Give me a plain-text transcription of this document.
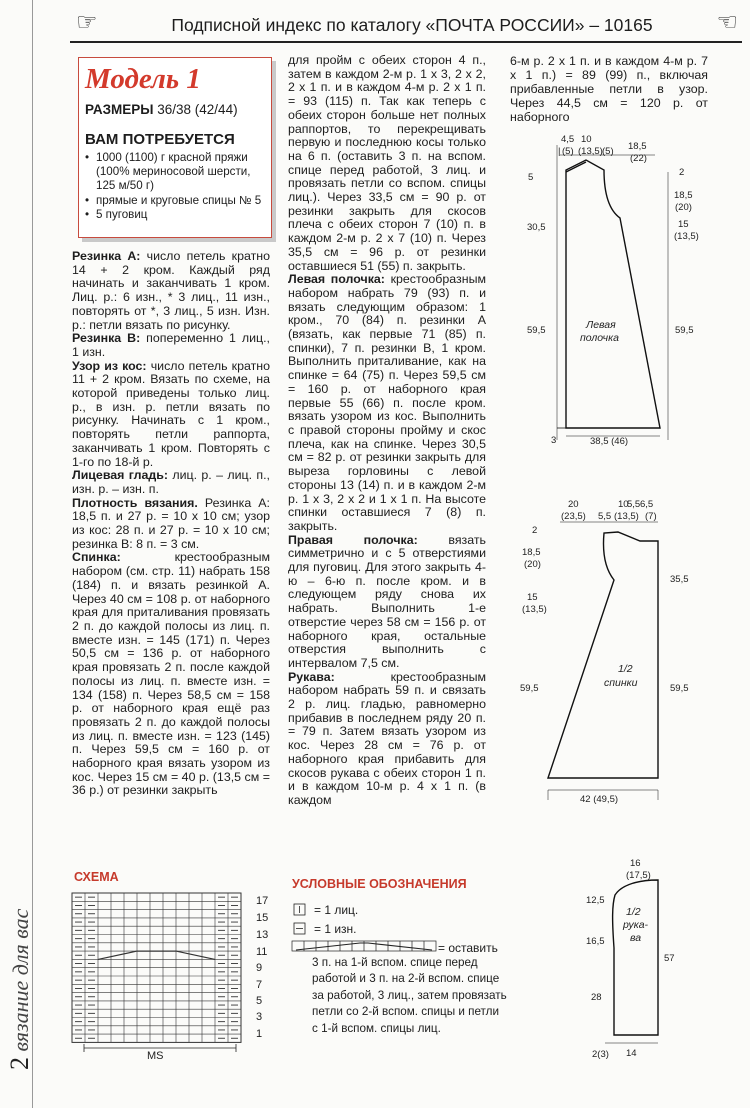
2 вязание для вас
☞	Подписной индекс по каталогу «ПОЧТА РОССИИ» – 10165	☜
Модель 1
РАЗМЕРЫ 36/38 (42/44)
ВАМ ПОТРЕБУЕТСЯ
• 1000 (1100) г красной пряжи (100% мериносовой шерсти, 125 м/50 г)
• прямые и круговые спицы № 5
• 5 пуговиц

Резинка А: число петель кратно 14 + 2 кром. Каждый ряд начинать и заканчивать 1 кром. Лиц. р.: 6 изн., * 3 лиц., 11 изн., повторять от *, 3 лиц., 5 изн. Изн. р.: петли вязать по рисунку.

Резинка В: попеременно 1 лиц., 1 изн.

Узор из кос: число петель кратно 11 + 2 кром. Вязать по схеме, на которой приведены только лиц. р., в изн. р. петли вязать по рисунку. Начинать с 1 кром., повторять петли раппорта, заканчивать 1 кром. Повторять с 1-го по 18-й р.

Лицевая гладь: лиц. р. – лиц. п., изн. р. – изн. п.

Плотность вязания. Резинка А: 18,5 п. и 27 р. = 10 х 10 см; узор из кос: 28 п. и 27 р. = 10 х 10 см; резинка В: 8 п. = 3 см.

Спинка:	крестообразным набором (см. стр. 11) набрать 158 (184) п. и вязать резинкой А. Через 40 см = 108 р. от наборного края для приталивания провязать 2 п. до каждой полосы из лиц. п. вместе изн. = 145 (171) п. Через 50,5 см = 136 р. от наборного края провязать 2 п. после каждой полосы из лиц. п. вместе изн. = 134 (158) п. Через 58,5 см = 158 р. от наборного края ещё раз провязать 2 п. до каждой полосы из лиц. п. вместе изн. = 123 (145) п. Через 59,5 см = 160 р. от наборного края вязать узором из кос. Через 15 см = 40 р. (13,5 см = 36 р.) от резинки закрыть

для пройм с обеих сторон 4 п., затем в каждом 2-м р. 1 х 3, 2 х 2, 2 х 1 п. и в каждом 4-м р. 2 х 1 п. = 93 (115) п. Так как теперь с обеих сторон больше нет полных раппортов, то перекрещивать первую и последнюю косы только на 6 п. (оставить 3 п. на вспом. спице перед работой, 3 лиц. и провязать петли со вспом. спицы лиц.). Через 33,5 см = 90 р. от резинки закрыть для скосов плеча с обеих сторон 7 (10) п. в каждом 2-м р. 2 х 7 (10) п. Через 35,5 см = 96 р. от резинки оставшиеся 51 (55) п. закрыть.

Левая полочка: крестообразным набором набрать 79 (93) п. и вязать следующим образом: 1 кром., 70 (84) п. резинки А (вязать, как первые 71 (85) п. спинки), 7 п. резинки В, 1 кром. Выполнить приталивание, как на спинке = 64 (75) п. Через 59,5 см = 160 р. от наборного края первые 55 (66) п. после кром. вязать узором из кос. Выполнить с правой стороны пройму и скос плеча, как на спинке. Через 30,5 см = 82 р. от резинки закрыть для выреза горловины с левой стороны 13 (14) п. и в каждом 2-м р. 1 х 3, 2 х 2 и 1 х 1 п. На высоте спинки оставшиеся 7 (8) п. закрыть.

Правая полочка: вязать симметрично и с 5 отверстиями для пуговиц. Для этого закрыть 4-ю – 6-ю п. после кром. и в следующем ряду снова их набрать. Выполнить 1-е отверстие через 58 см = 156 р. от наборного края, остальные отверстия выполнить с интервалом 7,5 см.

Рукава:	крестообразным набором набрать 59 п. и связать 2 р. лиц. гладью, равномерно прибавив в последнем ряду 20 п. = 79 п. Затем вязать узором из кос. Через 28 см = 76 р. от наборного края прибавить для скосов рукава с обеих сторон 1 п. и в каждом 10-м р. 4 х 1 п. (в каждом

6-м р. 2 х 1 п. и в каждом 4-м р. 7 х 1 п.) = 89 (99) п., включая прибавленные петли в узор. Через 44,5 см = 120 р. от наборного

СХЕМА	УСЛОВНЫЕ ОБОЗНАЧЕНИЯ
= 1 лиц.
= 1 изн.
= оставить
3 п. на 1-й вспом. спице перед работой и 3 п. на 2-й вспом. спице за работой, 3 лиц., затем провязать петли со 2-й вспом. спицы и петли с 1-й вспом. спицы лиц.
17
15
13
11
9
7
5
3
1
MS
4,5 10
| (5) (13,5) (5) 18,5
(22)
5	2
18,5
(20)
15
(13,5)
30,5
59,5	59,5
3	38,5 (46)
Левая
полочка
20
(23,5) 5,5
10
(13,5)
6,5
(7)
5,5
2
18,5
(20)
15
(13,5)
35,5
59,5	59,5
42 (49,5)
1/2
спинки
16
(17,5)
12,5
16,5
28
57
2(3) 14
1/2
рука-
ва
